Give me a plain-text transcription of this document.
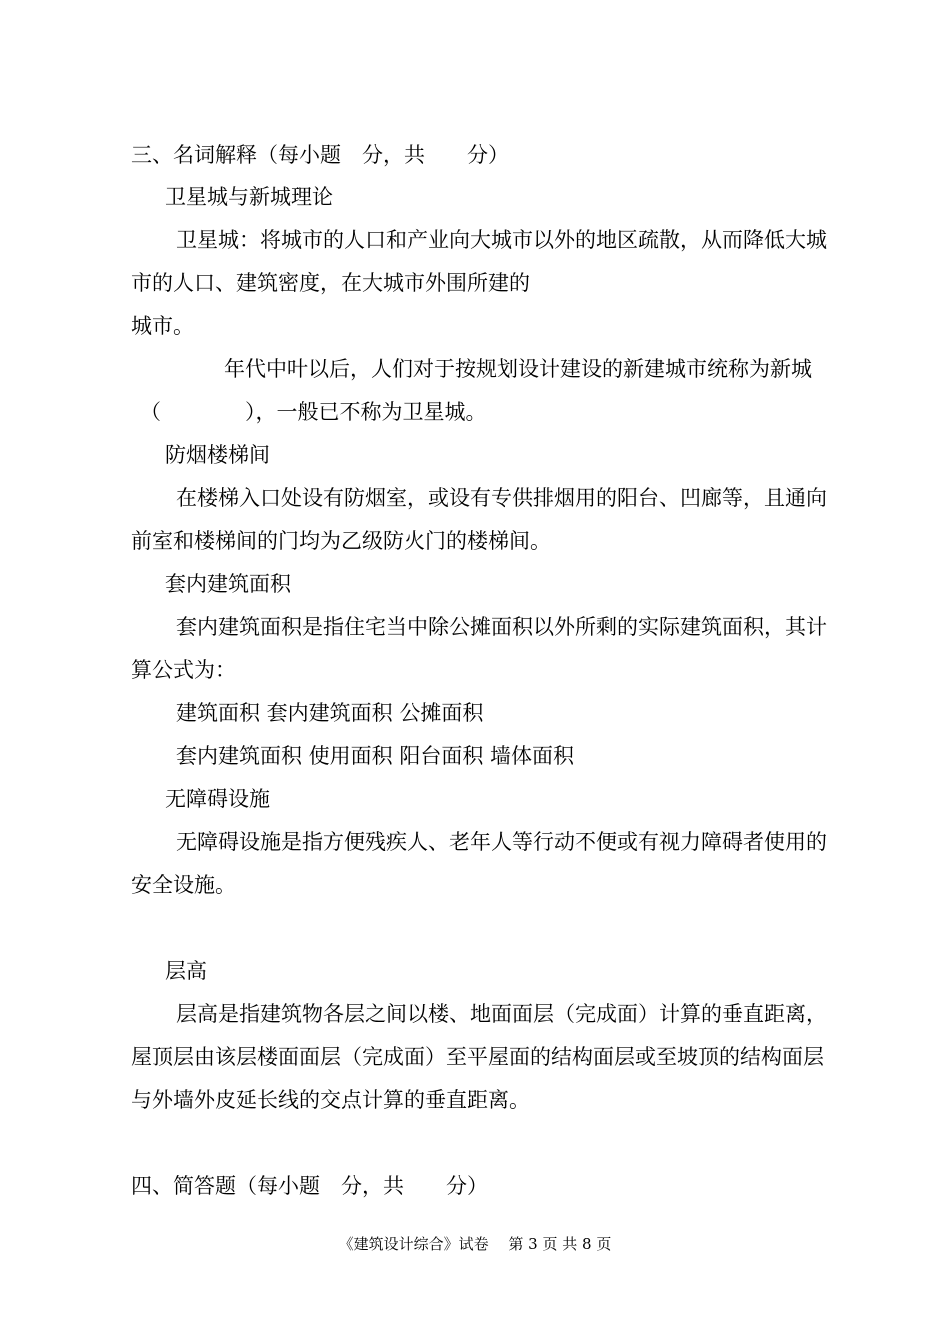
三、名词解释（每小题　分，共　　分）
卫星城与新城理论
卫星城：将城市的人口和产业向大城市以外的地区疏散，从而降低大城
市的人口、建筑密度，在大城市外围所建的
城市。
年代中叶以后，人们对于按规划设计建设的新建城市统称为新城
（　　　　），一般已不称为卫星城。
防烟楼梯间
在楼梯入口处设有防烟室，或设有专供排烟用的阳台、凹廊等，且通向
前室和楼梯间的门均为乙级防火门的楼梯间。
套内建筑面积
套内建筑面积是指住宅当中除公摊面积以外所剩的实际建筑面积，其计
算公式为：
建筑面积 套内建筑面积 公摊面积
套内建筑面积 使用面积 阳台面积 墙体面积
无障碍设施
无障碍设施是指方便残疾人、老年人等行动不便或有视力障碍者使用的
安全设施。
层高
层高是指建筑物各层之间以楼、地面面层（完成面）计算的垂直距离，
屋顶层由该层楼面面层（完成面）至平屋面的结构面层或至坡顶的结构面层
与外墙外皮延长线的交点计算的垂直距离。
四、简答题（每小题　分，共　　分）
《建筑设计综合》试卷　 第 3 页 共 8 页
